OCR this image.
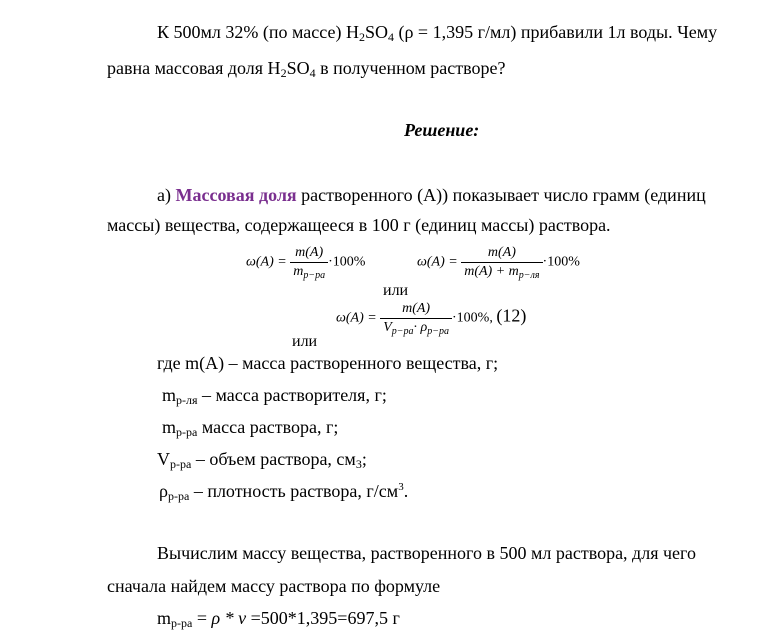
К 500мл 32% (по массе) $H_2SO_4$ (ρ = 1,395 г/мл) прибавили 1л воды. Чему
равна массовая доля $H_2SO_4$ в полученном растворе?
Решение:
а) Массовая доля растворенного (А)) показывает число грамм (единиц
массы) вещества, содержащееся в 100 г (единиц массы) раствора.
$\omega(A) = \frac{m(A)}{m_{p-pa}} \cdot 100\%$	$\omega(A) = \frac{m(A)}{m(A) + m_{p-ля}} \cdot 100\%$
или
$\omega(A) = \frac{m(A)}{V_{p-pa}\cdot \rho_{p-pa}} \cdot 100\%$, (12)
или
где m(А) – масса растворенного вещества, г;
$m_{р-ля}$ – масса растворителя, г;
$m_{р-ра}$ масса раствора, г;
$V_{р-ра}$ – объем раствора, $см_3$;
$\rho_{р-ра}$ – плотность раствора, $г/см^3$.
Вычислим массу вещества, растворенного в 500 мл раствора, для чего
сначала найдем массу раствора по формуле
$m_{р-ра} = \rho * \nu =500*1,395=697,5$ г
